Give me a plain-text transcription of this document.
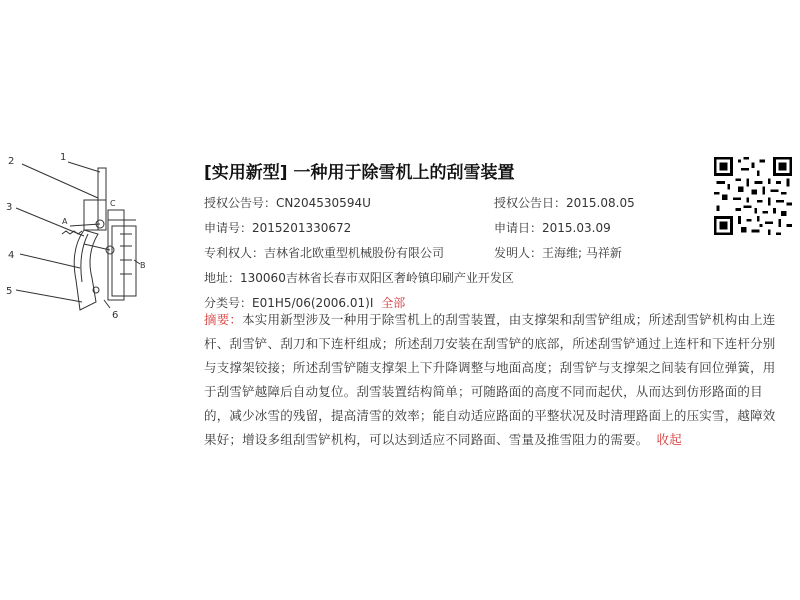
2	1
3
4
5
6
A
B
C
[实用新型] 一种用于除雪机上的刮雪装置
授权公告号：CN204530594U	授权公告日：2015.08.05
申请号：2015201330672	申请日：2015.03.09
专利权人：吉林省北欧重型机械股份有限公司	发明人：王海维; 马祥新
地址：130060吉林省长春市双阳区奢岭镇印刷产业开发区
分类号：E01H5/06(2006.01)I 全部
摘要：本实用新型涉及一种用于除雪机上的刮雪装置，由支撑架和刮雪铲组成；所述刮雪铲机构由上连杆、刮雪铲、刮刀和下连杆组成；所述刮刀安装在刮雪铲的底部，所述刮雪铲通过上连杆和下连杆分别与支撑架铰接；所述刮雪铲随支撑架上下升降调整与地面高度；刮雪铲与支撑架之间装有回位弹簧，用于刮雪铲越障后自动复位。刮雪装置结构简单；可随路面的高度不同而起伏，从而达到仿形路面的目的，减少冰雪的残留，提高清雪的效率；能自动适应路面的平整状况及时清理路面上的压实雪，越障效果好；增设多组刮雪铲机构，可以达到适应不同路面、雪量及推雪阻力的需要。 收起
